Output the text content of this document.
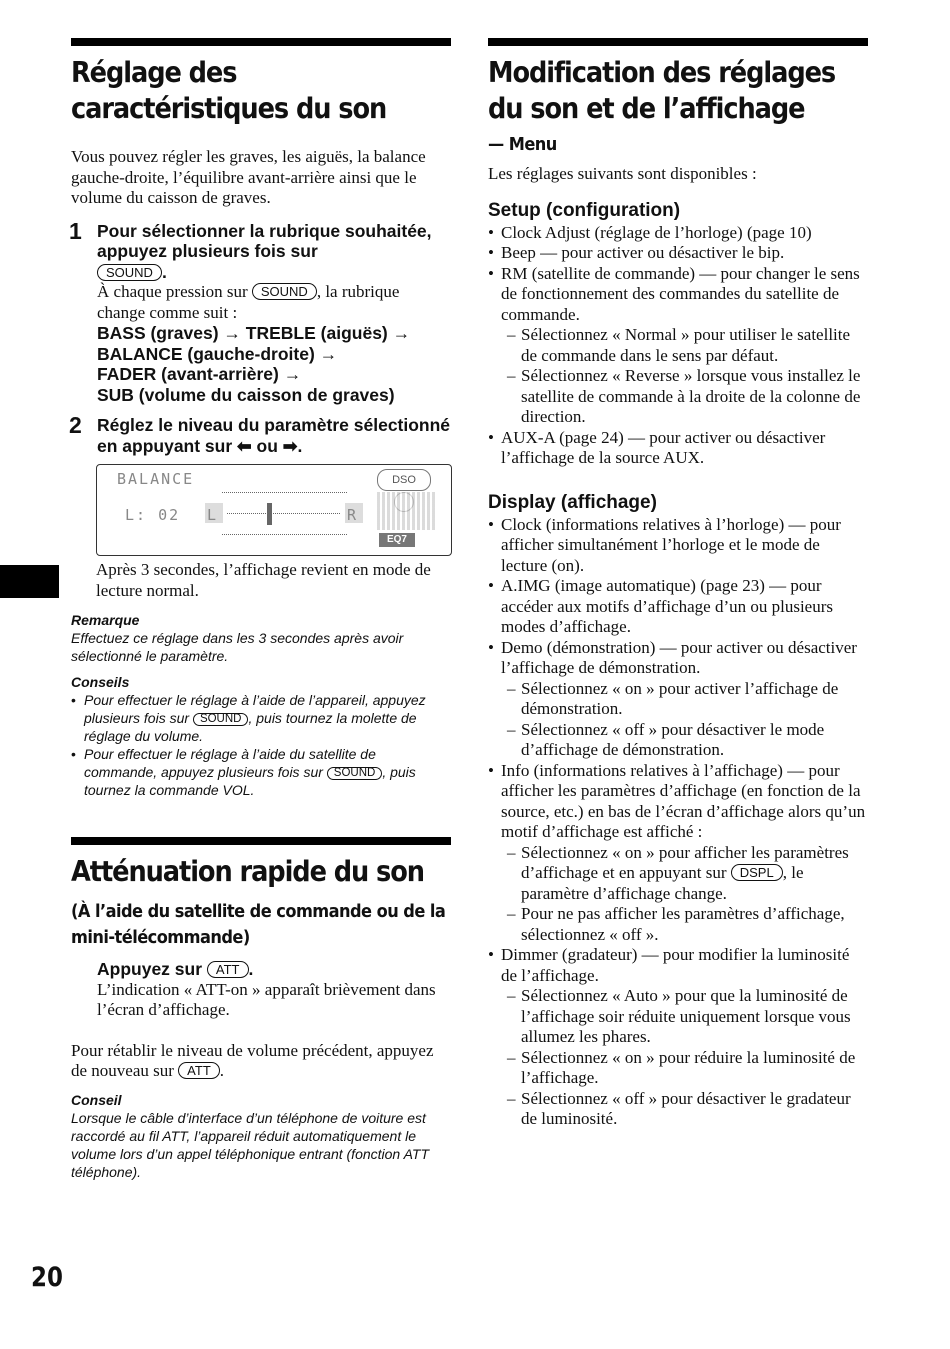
Réglage des caractéristiques du son

Vous pouvez régler les graves, les aiguës, la balance gauche-droite, l’équilibre avant-arrière ainsi que le volume du caisson de graves.

1 Pour sélectionner la rubrique souhaitée, appuyez plusieurs fois sur
SOUND .

À chaque pression sur SOUND , la rubrique change comme suit :

BASS (graves) → TREBLE (aiguës) →

BALANCE (gauche-droite) →

FADER (avant-arrière) →

SUB (volume du caisson de graves)

2 Réglez le niveau du paramètre sélectionné en appuyant sur ⬅ ou ➡.

BALANCE
L: 02 L	R
DSO
EQ7

Après 3 secondes, l’affichage revient en mode de lecture normal.

Remarque

Effectuez ce réglage dans les 3 secondes après avoir sélectionné le paramètre.

Conseils

• Pour effectuer le réglage à l’aide de l’appareil, appuyez plusieurs fois sur SOUND , puis tournez la molette de réglage du volume.
• Pour effectuer le réglage à l’aide du satellite de commande, appuyez plusieurs fois sur SOUND , puis tournez la commande VOL.
Atténuation rapide du son
(À l’aide du satellite de commande ou de la mini-télécommande)

Appuyez sur ATT .

L’indication « ATT-on » apparaît brièvement dans l’écran d’affichage.

Pour rétablir le niveau de volume précédent, appuyez de nouveau sur ATT .

Conseil

Lorsque le câble d’interface d’un téléphone de voiture est raccordé au fil ATT, l’appareil réduit automatiquement le volume lors d’un appel téléphonique entrant (fonction ATT téléphone).

Modification des réglages du son et de l’affichage
— Menu

Les réglages suivants sont disponibles :

Setup (configuration)

• Clock Adjust (réglage de l’horloge) (page 10)
• Beep — pour activer ou désactiver le bip.
• RM (satellite de commande) — pour changer le sens de fonctionnement des commandes du satellite de commande.
– Sélectionnez « Normal » pour utiliser le satellite de commande dans le sens par défaut.
– Sélectionnez « Reverse » lorsque vous installez le satellite de commande à la droite de la colonne de direction.
• AUX-A (page 24) — pour activer ou désactiver l’affichage de la source AUX.

Display (affichage)

• Clock (informations relatives à l’horloge) — pour afficher simultanément l’horloge et le mode de lecture (on).
• A.IMG (image automatique) (page 23) — pour accéder aux motifs d’affichage d’un ou plusieurs modes d’affichage.
• Demo (démonstration) — pour activer ou désactiver l’affichage de démonstration.
– Sélectionnez « on » pour activer l’affichage de démonstration.
– Sélectionnez « off » pour désactiver le mode d’affichage de démonstration.
• Info (informations relatives à l’affichage) — pour afficher les paramètres d’affichage (en fonction de la source, etc.) en bas de l’écran d’affichage alors qu’un motif d’affichage est affiché :
– Sélectionnez « on » pour afficher les paramètres d’affichage et en appuyant sur DSPL , le paramètre d’affichage change.
– Pour ne pas afficher les paramètres d’affichage, sélectionnez « off ».
• Dimmer (gradateur) — pour modifier la luminosité de l’affichage.
– Sélectionnez « Auto » pour que la luminosité de l’affichage soir réduite uniquement lorsque vous allumez les phares.
– Sélectionnez « on » pour réduire la luminosité de l’affichage.
– Sélectionnez « off » pour désactiver le gradateur de luminosité.
20
